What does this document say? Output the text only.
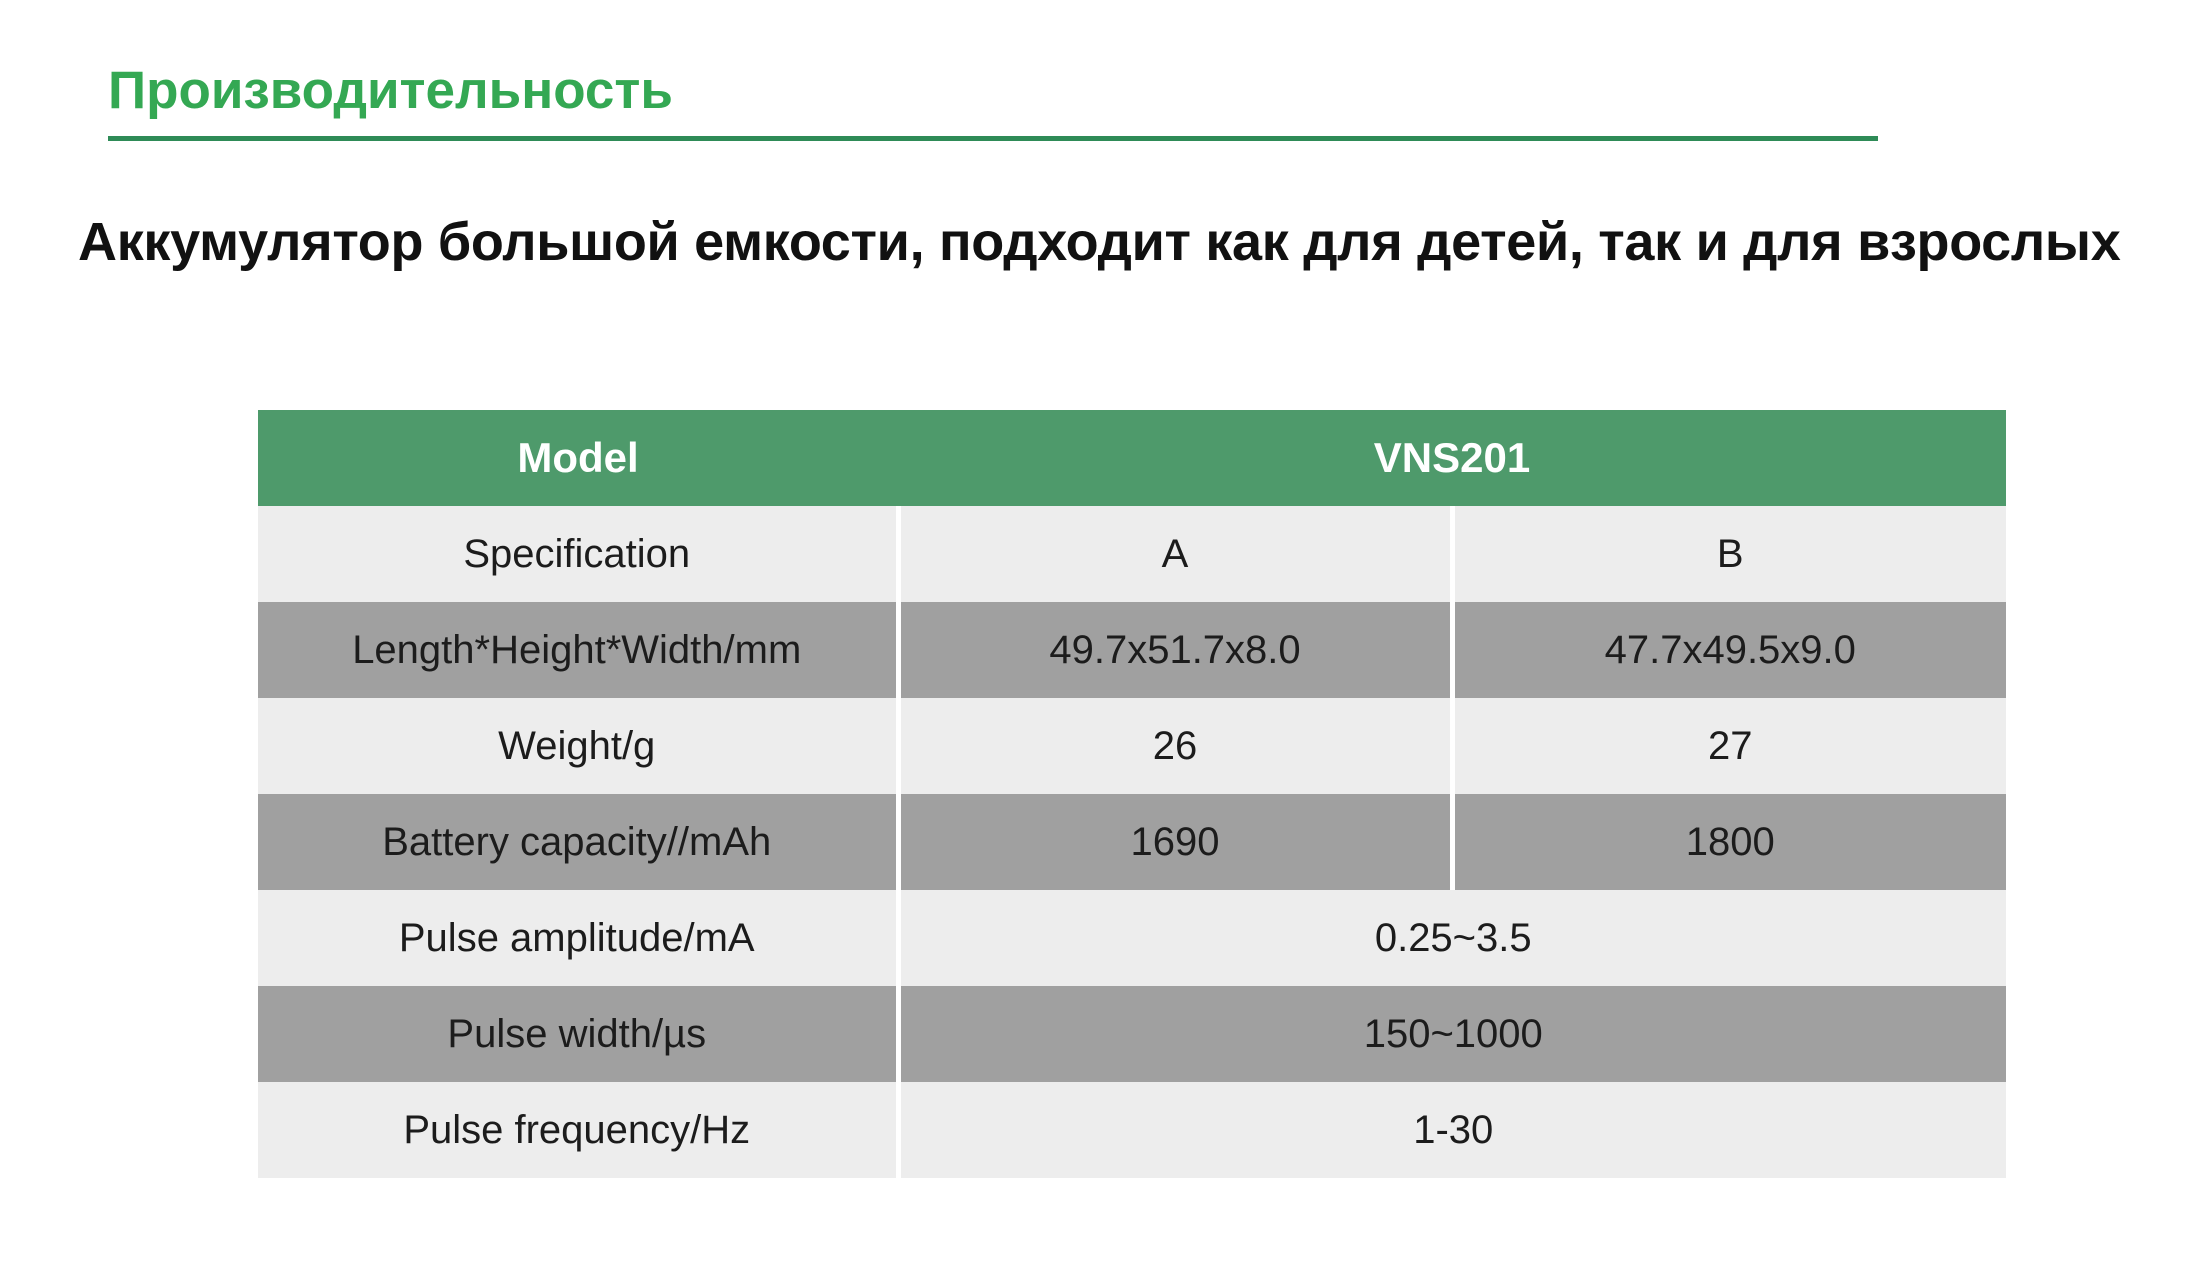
Производительность
Аккумулятор большой емкости, подходит как для детей, так и для взрослых
Model	VNS201	
Specification	A	B
Length*Height*Width/mm	49.7x51.7x8.0	47.7x49.5x9.0
Weight/g	26	27
Battery capacity//mAh	1690	1800
Pulse amplitude/mA	0.25~3.5	
Pulse width/µs	150~1000	
Pulse frequency/Hz	1-30	
